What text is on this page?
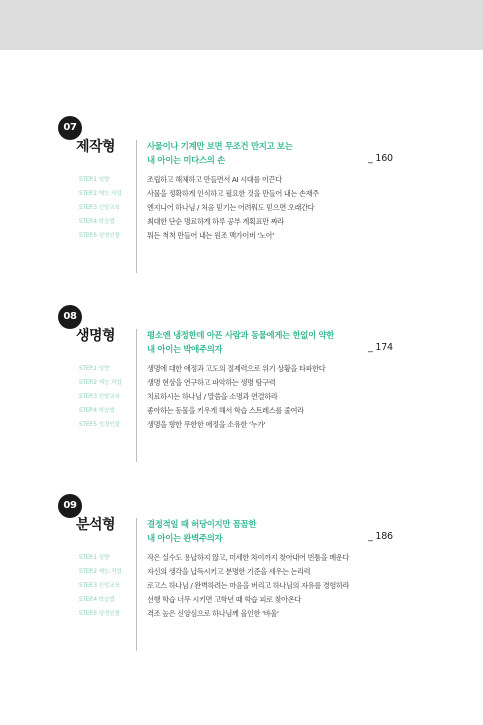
07
제작형	사물이나 기계만 보면 무조건 만지고 보는
내 아이는 미다스의 손	_ 160
STEP.1 성향	조립하고 해체하고 만들면서 AI 시대를 이끈다
STEP.2 재능.직업	사물을 정확하게 인식하고 필요한 것을 만들어 내는 손재주
STEP.3 신앙교육	엔지니어 하나님 / 처음 믿기는 어려워도 믿으면 오래간다
STEP.4 학습법	최대한 단순 명료하게 하루 공부 계획표만 짜라
STEP.5 성경인물	뭐든 척척 만들어 내는 원조 맥가이버 '노아'
08
생명형	평소엔 냉정한데 아픈 사람과 동물에게는 한없이 약한
내 아이는 박애주의자	_ 174
STEP.1 성향	생명에 대한 애정과 고도의 절제력으로 위기 상황을 타파한다
STEP.2 재능.직업	생명 현상을 연구하고 파악하는 생명 탐구력
STEP.3 신앙교육	치료하시는 하나님 / 말씀을 소명과 연결하라
STEP.4 학습법	좋아하는 동물을 키우게 해서 학습 스트레스를 줄여라
STEP.5 성경인물	생명을 향한 무한한 애정을 소유한 '누가'
09
분석형	결정적일 때 허당이지만 꼼꼼한
내 아이는 완벽주의자	_ 186
STEP.1 성향	작은 실수도 용납하지 않고, 미세한 차이까지 찾아내어 빈틈을 메운다
STEP.2 재능.직업	자신의 생각을 납득시키고 분명한 기준을 세우는 논리력
STEP.3 신앙교육	로고스 하나님 / 완벽하려는 마음을 버리고 하나님의 자유를 경험하라
STEP.4 학습법	선행 학습 너무 시키면 고학년 때 학습 피로 찾아온다
STEP.5 성경인물	격조 높은 신앙심으로 하나님께 올인한 '바울'
